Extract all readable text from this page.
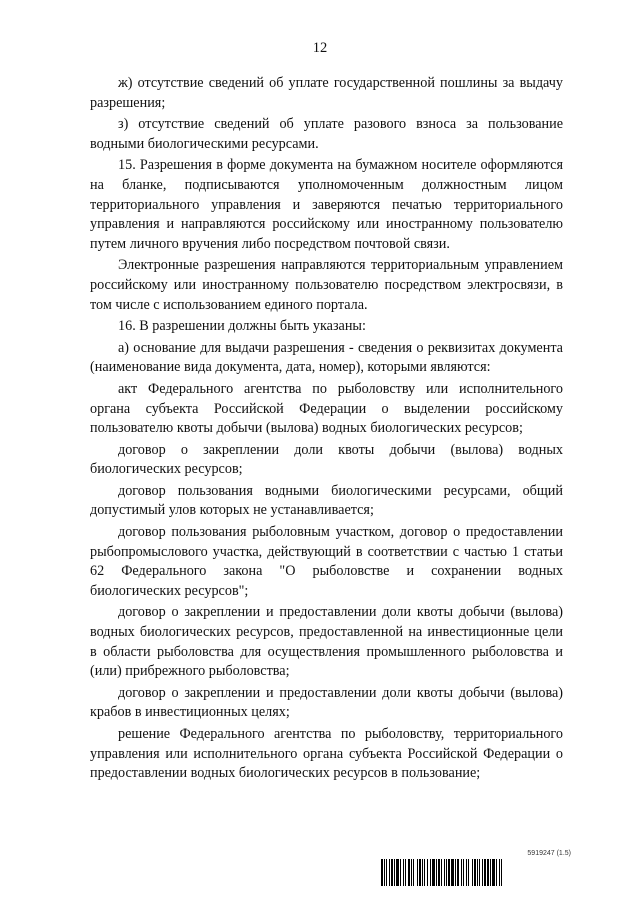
12

ж) отсутствие сведений об уплате государственной пошлины за выдачу разрешения;

з) отсутствие сведений об уплате разового взноса за пользование водными биологическими ресурсами.

15. Разрешения в форме документа на бумажном носителе оформляются на бланке, подписываются уполномоченным должностным лицом территориального управления и заверяются печатью территориального управления и направляются российскому или иностранному пользователю путем личного вручения либо посредством почтовой связи.

Электронные разрешения направляются территориальным управлением российскому или иностранному пользователю посредством электросвязи, в том числе с использованием единого портала.

16. В разрешении должны быть указаны:

а) основание для выдачи разрешения - сведения о реквизитах документа (наименование вида документа, дата, номер), которыми являются:

акт Федерального агентства по рыболовству или исполнительного органа субъекта Российской Федерации о выделении российскому пользователю квоты добычи (вылова) водных биологических ресурсов;

договор о закреплении доли квоты добычи (вылова) водных биологических ресурсов;

договор пользования водными биологическими ресурсами, общий допустимый улов которых не устанавливается;

договор пользования рыболовным участком, договор о предоставлении рыбопромыслового участка, действующий в соответствии с частью 1 статьи 62 Федерального закона "О рыболовстве и сохранении водных биологических ресурсов";

договор о закреплении и предоставлении доли квоты добычи (вылова) водных биологических ресурсов, предоставленной на инвестиционные цели в области рыболовства для осуществления промышленного рыболовства и (или) прибрежного рыболовства;

договор о закреплении и предоставлении доли квоты добычи (вылова) крабов в инвестиционных целях;

решение Федерального агентства по рыболовству, территориального управления или исполнительного органа субъекта Российской Федерации о предоставлении водных биологических ресурсов в пользование;

5919247 (1.5)
